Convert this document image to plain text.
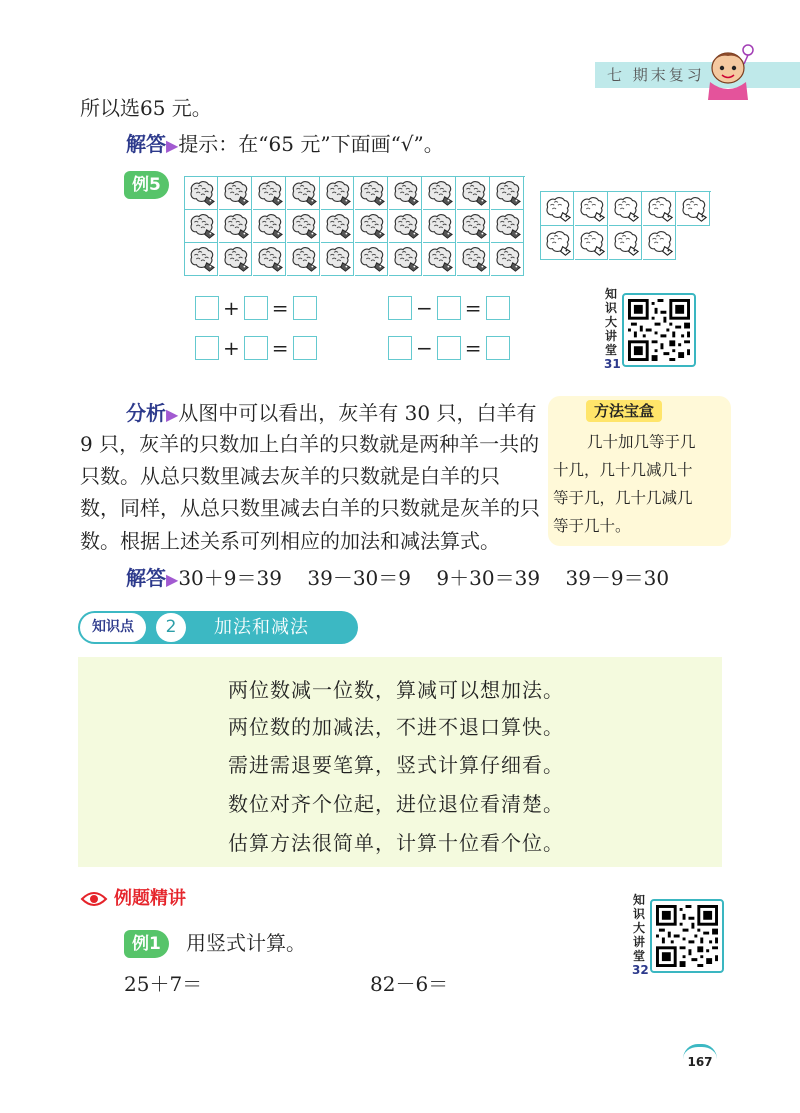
七 期末复习
所以选65 元。
解答▶提示：在“65 元”下面画“√”。
例5
+ =	− =
+ =	− =
知识大讲堂
31
分析▶从图中可以看出，灰羊有 30 只，白羊有
9 只，灰羊的只数加上白羊的只数就是两种羊一共的
只数。从总只数里减去灰羊的只数就是白羊的只
数，同样，从总只数里减去白羊的只数就是灰羊的只
数。根据上述关系可列相应的加法和减法算式。
方法宝盒
几十加几等于几
十几，几十几减几十
等于几，几十几减几
等于几十。
解答▶30＋9＝39    39－30＝9    9＋30＝39    39－9＝30
知识点	2	加法和减法
两位数减一位数，算减可以想加法。
两位数的加减法，不进不退口算快。
需进需退要笔算，竖式计算仔细看。
数位对齐个位起，进位退位看清楚。
估算方法很简单，计算十位看个位。
例题精讲
例1	用竖式计算。
25＋7＝	82－6＝
知识大讲堂
32
167
